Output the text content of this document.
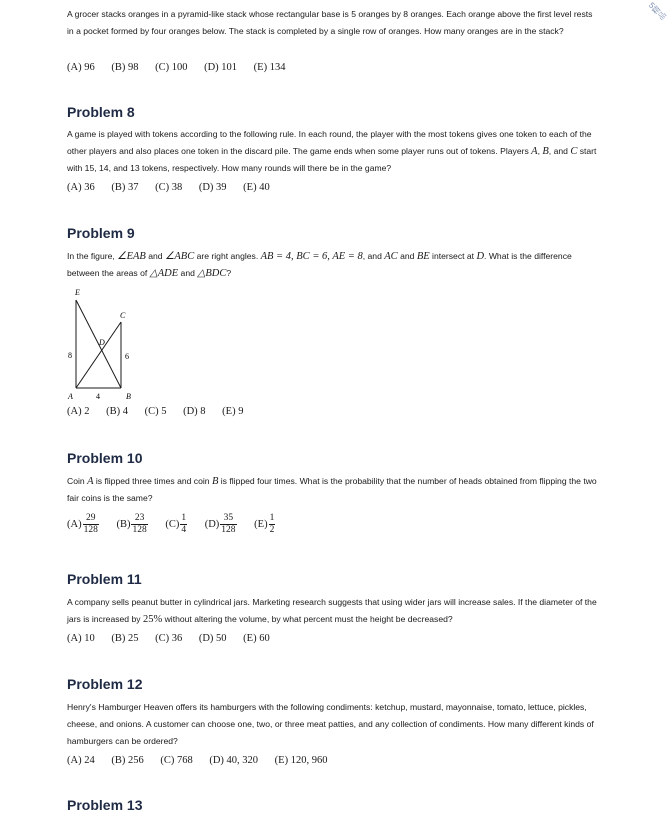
5精品
A grocer stacks oranges in a pyramid-like stack whose rectangular base is 5 oranges by 8 oranges. Each orange above the first level rests in a pocket formed by four oranges below. The stack is completed by a single row of oranges. How many oranges are in the stack?
(A) 96 (B) 98 (C) 100 (D) 101 (E) 134
Problem 8
A game is played with tokens according to the following rule. In each round, the player with the most tokens gives one token to each of the other players and also places one token in the discard pile. The game ends when some player runs out of tokens. Players A, B, and C start with 15, 14, and 13 tokens, respectively. How many rounds will there be in the game?
(A) 36 (B) 37 (C) 38 (D) 39 (E) 40
Problem 9
In the figure, ∠EAB and ∠ABC are right angles. AB = 4, BC = 6, AE = 8, and AC and BE intersect at D. What is the difference between the areas of △ADE and △BDC?
E
C
D
A	B
8	6
4
(A) 2 (B) 4 (C) 5 (D) 8 (E) 9
Problem 10
Coin A is flipped three times and coin B is flipped four times. What is the probability that the number of heads obtained from flipping the two fair coins is the same?
$(A) \frac{29}{128} (B) \frac{23}{128} (C) \frac{1}{4} (D) \frac{35}{128} (E) \frac{1}{2}$
Problem 11
A company sells peanut butter in cylindrical jars. Marketing research suggests that using wider jars will increase sales. If the diameter of the jars is increased by 25% without altering the volume, by what percent must the height be decreased?
(A) 10 (B) 25 (C) 36 (D) 50 (E) 60
Problem 12
Henry's Hamburger Heaven offers its hamburgers with the following condiments: ketchup, mustard, mayonnaise, tomato, lettuce, pickles, cheese, and onions. A customer can choose one, two, or three meat patties, and any collection of condiments. How many different kinds of hamburgers can be ordered?
(A) 24 (B) 256 (C) 768 (D) 40, 320 (E) 120, 960
Problem 13
